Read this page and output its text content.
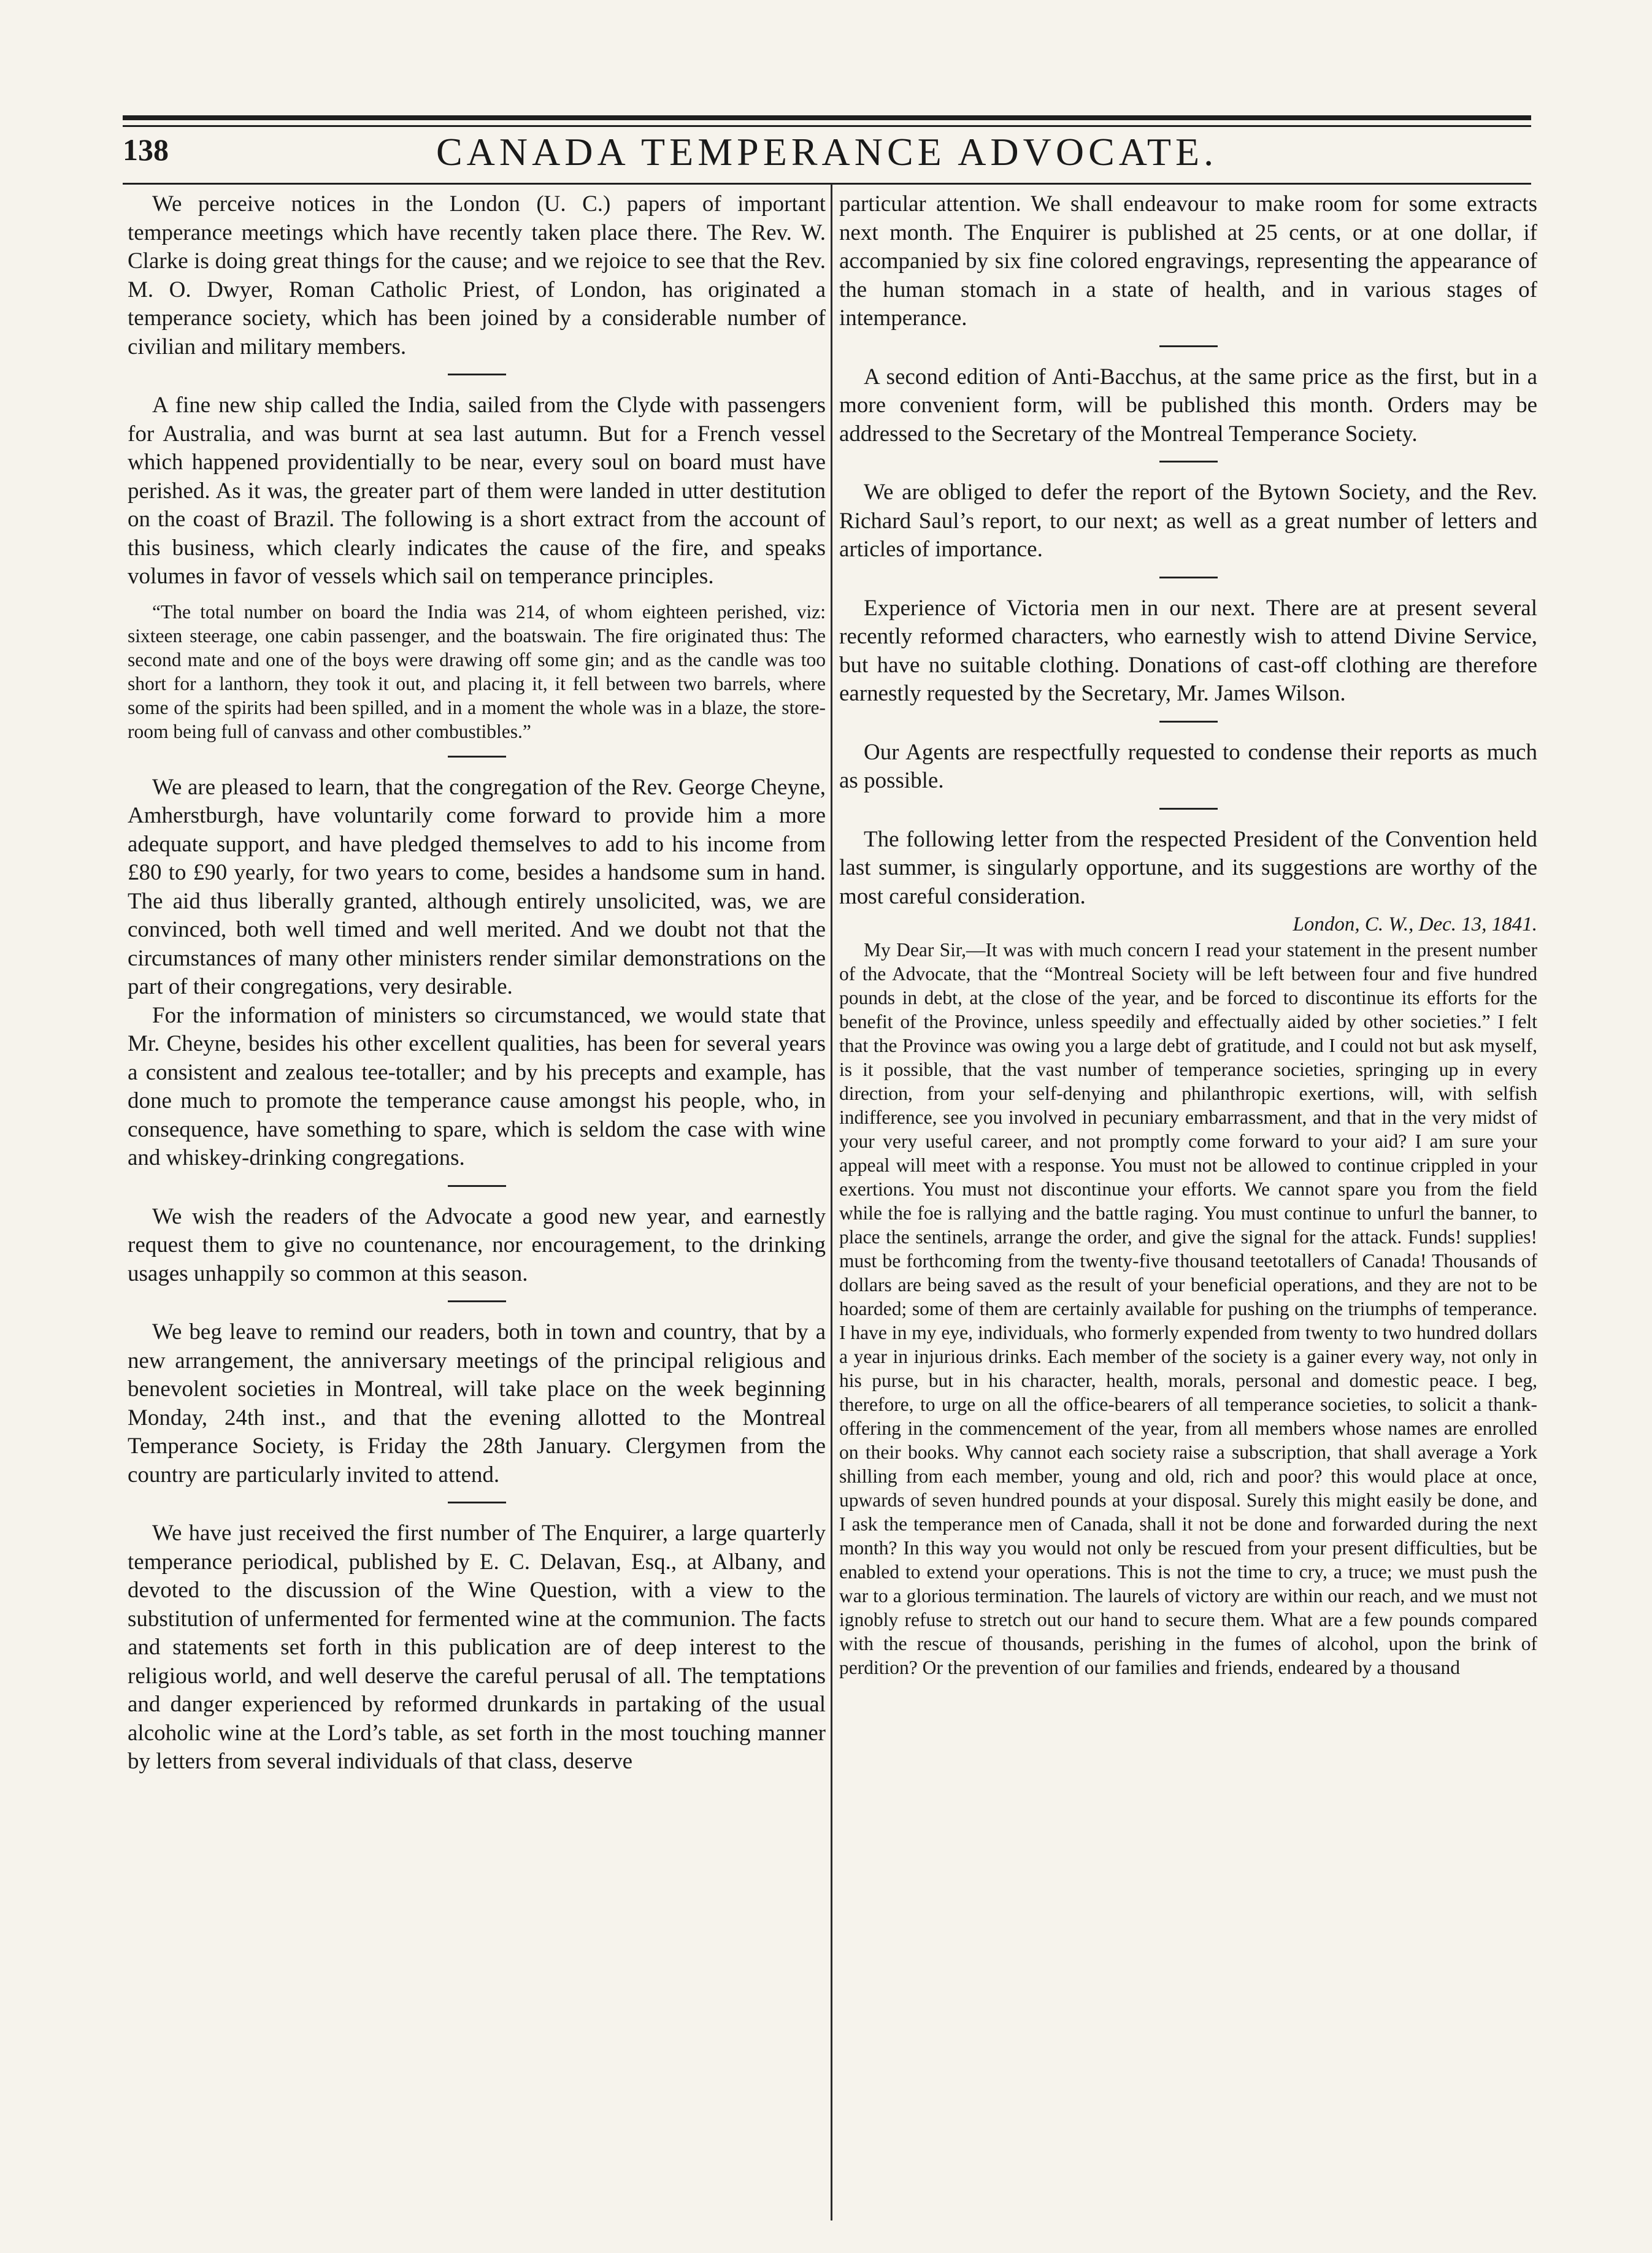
138	CANADA TEMPERANCE ADVOCATE.

We perceive notices in the London (U. C.) papers of important temperance meetings which have recently taken place there. The Rev. W. Clarke is doing great things for the cause; and we rejoice to see that the Rev. M. O. Dwyer, Roman Catholic Priest, of London, has originated a temperance society, which has been joined by a considerable number of civilian and military members.

A fine new ship called the India, sailed from the Clyde with passengers for Australia, and was burnt at sea last autumn. But for a French vessel which happened providentially to be near, every soul on board must have perished. As it was, the greater part of them were landed in utter destitution on the coast of Brazil. The following is a short extract from the account of this business, which clearly indicates the cause of the fire, and speaks volumes in favor of vessels which sail on temperance principles.

“The total number on board the India was 214, of whom eighteen perished, viz: sixteen steerage, one cabin passenger, and the boatswain. The fire originated thus: The second mate and one of the boys were drawing off some gin; and as the candle was too short for a lanthorn, they took it out, and placing it, it fell between two barrels, where some of the spirits had been spilled, and in a moment the whole was in a blaze, the store-room being full of canvass and other combustibles.”

We are pleased to learn, that the congregation of the Rev. George Cheyne, Amherstburgh, have voluntarily come forward to provide him a more adequate support, and have pledged themselves to add to his income from £80 to £90 yearly, for two years to come, besides a handsome sum in hand. The aid thus liberally granted, although entirely unsolicited, was, we are convinced, both well timed and well merited. And we doubt not that the circumstances of many other ministers render similar demonstrations on the part of their congregations, very desirable.

For the information of ministers so circumstanced, we would state that Mr. Cheyne, besides his other excellent qualities, has been for several years a consistent and zealous tee-totaller; and by his precepts and example, has done much to promote the temperance cause amongst his people, who, in consequence, have something to spare, which is seldom the case with wine and whiskey-drinking congregations.

We wish the readers of the Advocate a good new year, and earnestly request them to give no countenance, nor encouragement, to the drinking usages unhappily so common at this season.

We beg leave to remind our readers, both in town and country, that by a new arrangement, the anniversary meetings of the principal religious and benevolent societies in Montreal, will take place on the week beginning Monday, 24th inst., and that the evening allotted to the Montreal Temperance Society, is Friday the 28th January. Clergymen from the country are particularly invited to attend.

We have just received the first number of The Enquirer, a large quarterly temperance periodical, published by E. C. Delavan, Esq., at Albany, and devoted to the discussion of the Wine Question, with a view to the substitution of unfermented for fermented wine at the communion. The facts and statements set forth in this publication are of deep interest to the religious world, and well deserve the careful perusal of all. The temptations and danger experienced by reformed drunkards in partaking of the usual alcoholic wine at the Lord’s table, as set forth in the most touching manner by letters from several individuals of that class, deserve

particular attention. We shall endeavour to make room for some extracts next month. The Enquirer is published at 25 cents, or at one dollar, if accompanied by six fine colored engravings, representing the appearance of the human stomach in a state of health, and in various stages of intemperance.

A second edition of Anti-Bacchus, at the same price as the first, but in a more convenient form, will be published this month. Orders may be addressed to the Secretary of the Montreal Temperance Society.

We are obliged to defer the report of the Bytown Society, and the Rev. Richard Saul’s report, to our next; as well as a great number of letters and articles of importance.

Experience of Victoria men in our next. There are at present several recently reformed characters, who earnestly wish to attend Divine Service, but have no suitable clothing. Donations of cast-off clothing are therefore earnestly requested by the Secretary, Mr. James Wilson.

Our Agents are respectfully requested to condense their reports as much as possible.

The following letter from the respected President of the Convention held last summer, is singularly opportune, and its suggestions are worthy of the most careful consideration.

London, C. W., Dec. 13, 1841.

My Dear Sir,—It was with much concern I read your statement in the present number of the Advocate, that the “Montreal Society will be left between four and five hundred pounds in debt, at the close of the year, and be forced to discontinue its efforts for the benefit of the Province, unless speedily and effectually aided by other societies.” I felt that the Province was owing you a large debt of gratitude, and I could not but ask myself, is it possible, that the vast number of temperance societies, springing up in every direction, from your self-denying and philanthropic exertions, will, with selfish indifference, see you involved in pecuniary embarrassment, and that in the very midst of your very useful career, and not promptly come forward to your aid? I am sure your appeal will meet with a response. You must not be allowed to continue crippled in your exertions. You must not discontinue your efforts. We cannot spare you from the field while the foe is rallying and the battle raging. You must continue to unfurl the banner, to place the sentinels, arrange the order, and give the signal for the attack. Funds! supplies! must be forthcoming from the twenty-five thousand teetotallers of Canada! Thousands of dollars are being saved as the result of your beneficial operations, and they are not to be hoarded; some of them are certainly available for pushing on the triumphs of temperance. I have in my eye, individuals, who formerly expended from twenty to two hundred dollars a year in injurious drinks. Each member of the society is a gainer every way, not only in his purse, but in his character, health, morals, personal and domestic peace. I beg, therefore, to urge on all the office-bearers of all temperance societies, to solicit a thank-offering in the commencement of the year, from all members whose names are enrolled on their books. Why cannot each society raise a subscription, that shall average a York shilling from each member, young and old, rich and poor? this would place at once, upwards of seven hundred pounds at your disposal. Surely this might easily be done, and I ask the temperance men of Canada, shall it not be done and forwarded during the next month? In this way you would not only be rescued from your present difficulties, but be enabled to extend your operations. This is not the time to cry, a truce; we must push the war to a glorious termination. The laurels of victory are within our reach, and we must not ignobly refuse to stretch out our hand to secure them. What are a few pounds compared with the rescue of thousands, perishing in the fumes of alcohol, upon the brink of perdition? Or the prevention of our families and friends, endeared by a thousand
